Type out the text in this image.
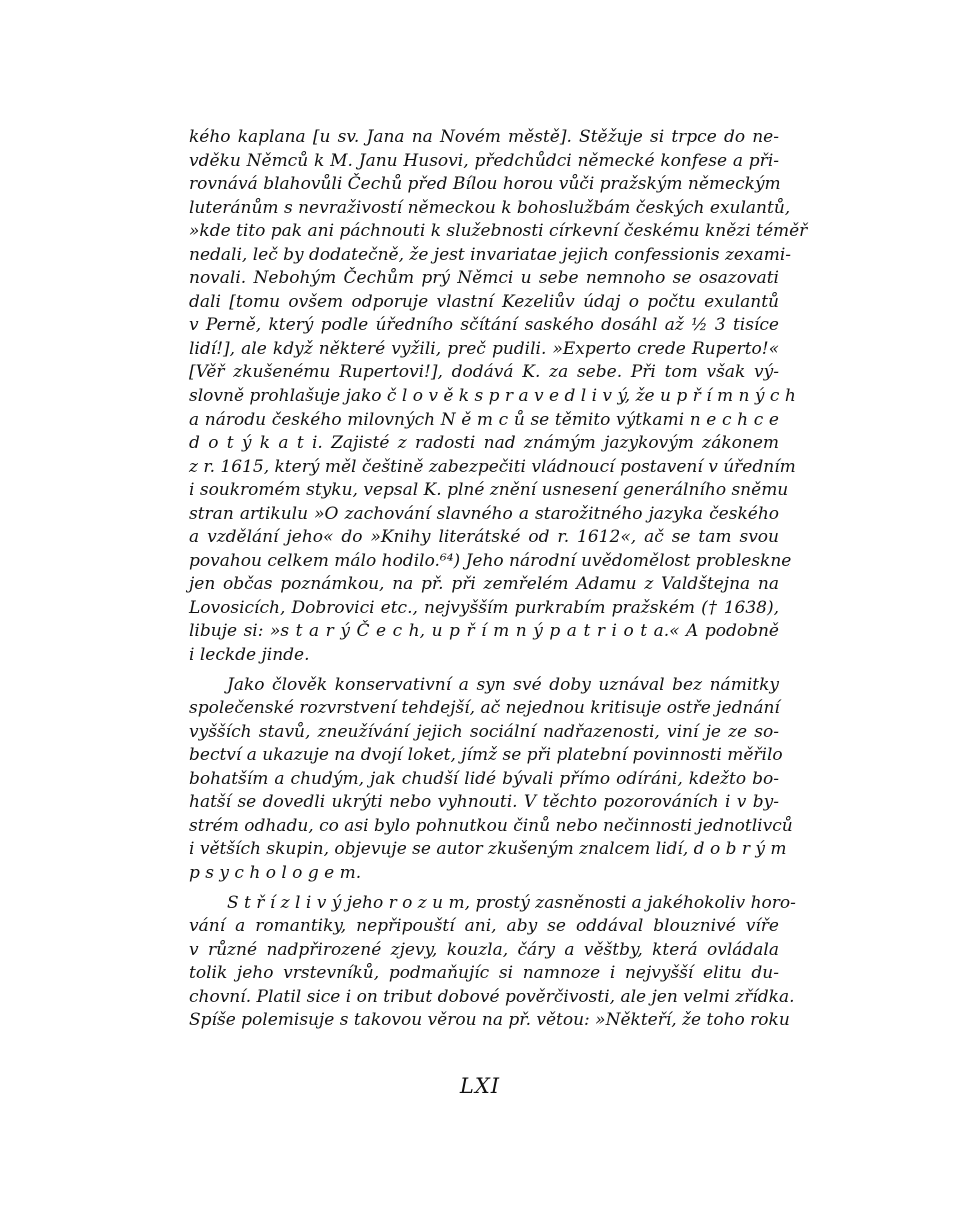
kého kaplana [u sv. Jana na Novém městě]. Stěžuje si trpce do ne-
vděku Němců k M. Janu Husovi, předchůdci německé konfese a při-
rovnává blahovůli Čechů před Bílou horou vůči pražským německým
luteránům s nevraživostí německou k bohoslužbám českých exulantů,
»kde tito pak ani páchnouti k služebnosti církevní českému knězi téměř
nedali, leč by dodatečně, že jest invariatae jejich confessionis zexami-
novali. Nebohým Čechům prý Němci u sebe nemnoho se osazovati
dali [tomu ovšem odporuje vlastní Kezeliův údaj o počtu exulantů
v Perně, který podle úředního sčítání saského dosáhl až ½ 3 tisíce
lidí!], ale když některé vyžili, preč pudili. »Experto crede Ruperto!«
[Věř zkušenému Rupertovi!], dodává K. za sebe. Při tom však vý-
slovně prohlašuje jako č l o v ě k s p r a v e d l i v ý, že u p ř í m n ý c h
a národu českého milovných N ě m c ů se těmito výtkami n e c h c e
d o t ý k a t i. Zajisté z radosti nad známým jazykovým zákonem
z r. 1615, který měl češtině zabezpečiti vládnoucí postavení v úředním
i soukromém styku, vepsal K. plné znění usnesení generálního sněmu
stran artikulu »O zachování slavného a starožitného jazyka českého
a vzdělání jeho« do »Knihy literátské od r. 1612«, ač se tam svou
povahou celkem málo hodilo.⁶⁴) Jeho národní uvědomělost probleskne
jen občas poznámkou, na př. při zemřelém Adamu z Valdštejna na
Lovosicích, Dobrovici etc., nejvyšším purkrabím pražském († 1638),
libuje si: »s t a r ý Č e c h, u p ř í m n ý p a t r i o t a.« A podobně
i leckde jinde.
Jako člověk konservativní a syn své doby uznával bez námitky
společenské rozvrstvení tehdejší, ač nejednou kritisuje ostře jednání
vyšších stavů, zneužívání jejich sociální nadřazenosti, viní je ze so-
bectví a ukazuje na dvojí loket, jímž se při platební povinnosti měřilo
bohatším a chudým, jak chudší lidé bývali přímo odíráni, kdežto bo-
hatší se dovedli ukrýti nebo vyhnouti. V těchto pozorováních i v by-
strém odhadu, co asi bylo pohnutkou činů nebo nečinnosti jednotlivců
i větších skupin, objevuje se autor zkušeným znalcem lidí, d o b r ý m
p s y c h o l o g e m.
S t ř í z l i v ý jeho r o z u m, prostý zasněnosti a jakéhokoliv horo-
vání a romantiky, nepřipouští ani, aby se oddával blouznivé víře
v různé nadpřirozené zjevy, kouzla, čáry a věštby, která ovládala
tolik jeho vrstevníků, podmaňujíc si namnoze i nejvyšší elitu du-
chovní. Platil sice i on tribut dobové pověrčivosti, ale jen velmi zřídka.
Spíše polemisuje s takovou věrou na př. větou: »Někteří, že toho roku
LXI
